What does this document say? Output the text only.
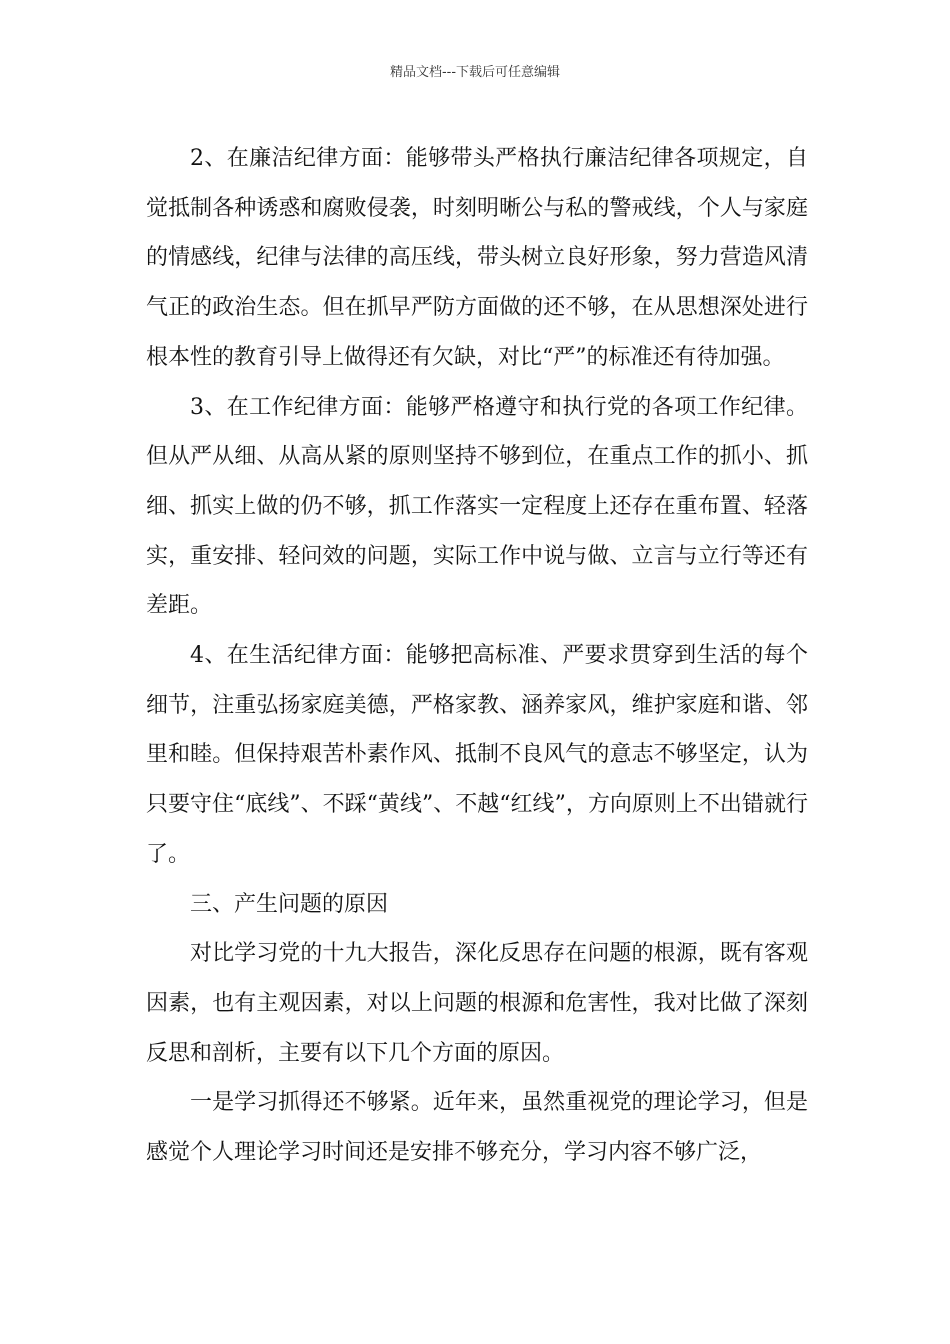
精品文档---下载后可任意编辑

2、在廉洁纪律方面：能够带头严格执行廉洁纪律各项规定，自觉抵制各种诱惑和腐败侵袭，时刻明晰公与私的警戒线，个人与家庭的情感线，纪律与法律的高压线，带头树立良好形象，努力营造风清气正的政治生态。但在抓早严防方面做的还不够，在从思想深处进行根本性的教育引导上做得还有欠缺，对比“严”的标准还有待加强。

3、在工作纪律方面：能够严格遵守和执行党的各项工作纪律。但从严从细、从高从紧的原则坚持不够到位，在重点工作的抓小、抓细、抓实上做的仍不够，抓工作落实一定程度上还存在重布置、轻落实，重安排、轻问效的问题，实际工作中说与做、立言与立行等还有差距。

4、在生活纪律方面：能够把高标准、严要求贯穿到生活的每个细节，注重弘扬家庭美德，严格家教、涵养家风，维护家庭和谐、邻里和睦。但保持艰苦朴素作风、抵制不良风气的意志不够坚定，认为只要守住“底线”、不踩“黄线”、不越“红线”，方向原则上不出错就行了。

三、产生问题的原因

对比学习党的十九大报告，深化反思存在问题的根源，既有客观因素，也有主观因素，对以上问题的根源和危害性，我对比做了深刻反思和剖析，主要有以下几个方面的原因。

一是学习抓得还不够紧。近年来，虽然重视党的理论学习，但是感觉个人理论学习时间还是安排不够充分，学习内容不够广泛，
